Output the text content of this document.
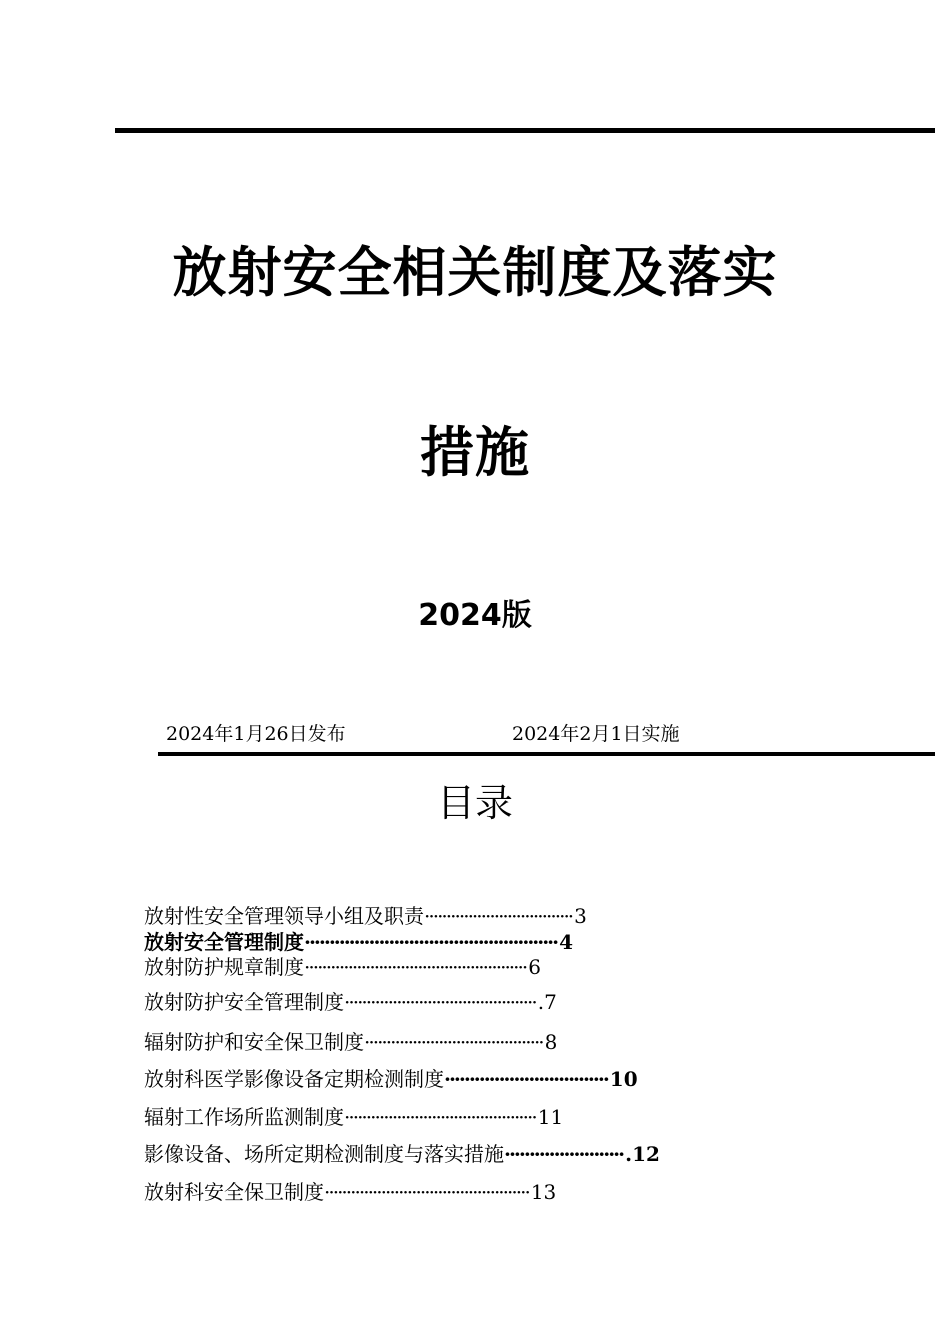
放射安全相关制度及落实
措施
2024版
2024年1月26日发布	2024年2月1日实施
目录
放射性安全管理领导小组及职责·································· 3
放射安全管理制度··················································· 4
放射防护规章制度··················································· 6
放射防护安全管理制度············································ .7
辐射防护和安全保卫制度········································· 8
放射科医学影像设备定期检测制度································· 10
辐射工作场所监测制度············································ 11
影像设备、场所定期检测制度与落实措施························ .12
放射科安全保卫制度··············································· 13
